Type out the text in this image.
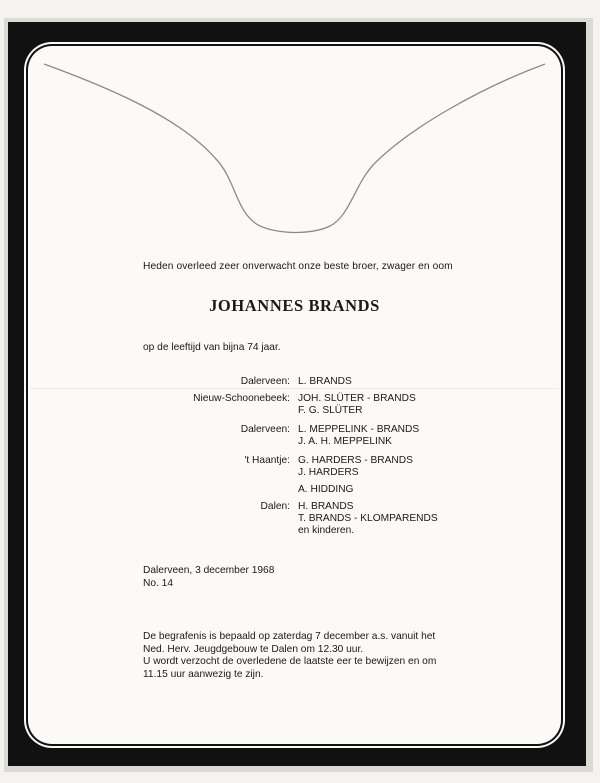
Heden overleed zeer onverwacht onze beste broer, zwager en oom
JOHANNES BRANDS
op de leeftijd van bijna 74 jaar.
Dalerveen: L. BRANDS
Nieuw-Schoonebeek: JOH. SLÜTER - BRANDS
F. G. SLÜTER
Dalerveen: L. MEPPELINK - BRANDS
J. A. H. MEPPELINK
't Haantje: G. HARDERS - BRANDS
J. HARDERS
A. HIDDING
Dalen: H. BRANDS
T. BRANDS - KLOMPARENDS
en kinderen.
Dalerveen, 3 december 1968
No. 14
De begrafenis is bepaald op zaterdag 7 december a.s. vanuit het
Ned. Herv. Jeugdgebouw te Dalen om 12.30 uur.
U wordt verzocht de overledene de laatste eer te bewijzen en om
11.15 uur aanwezig te zijn.
